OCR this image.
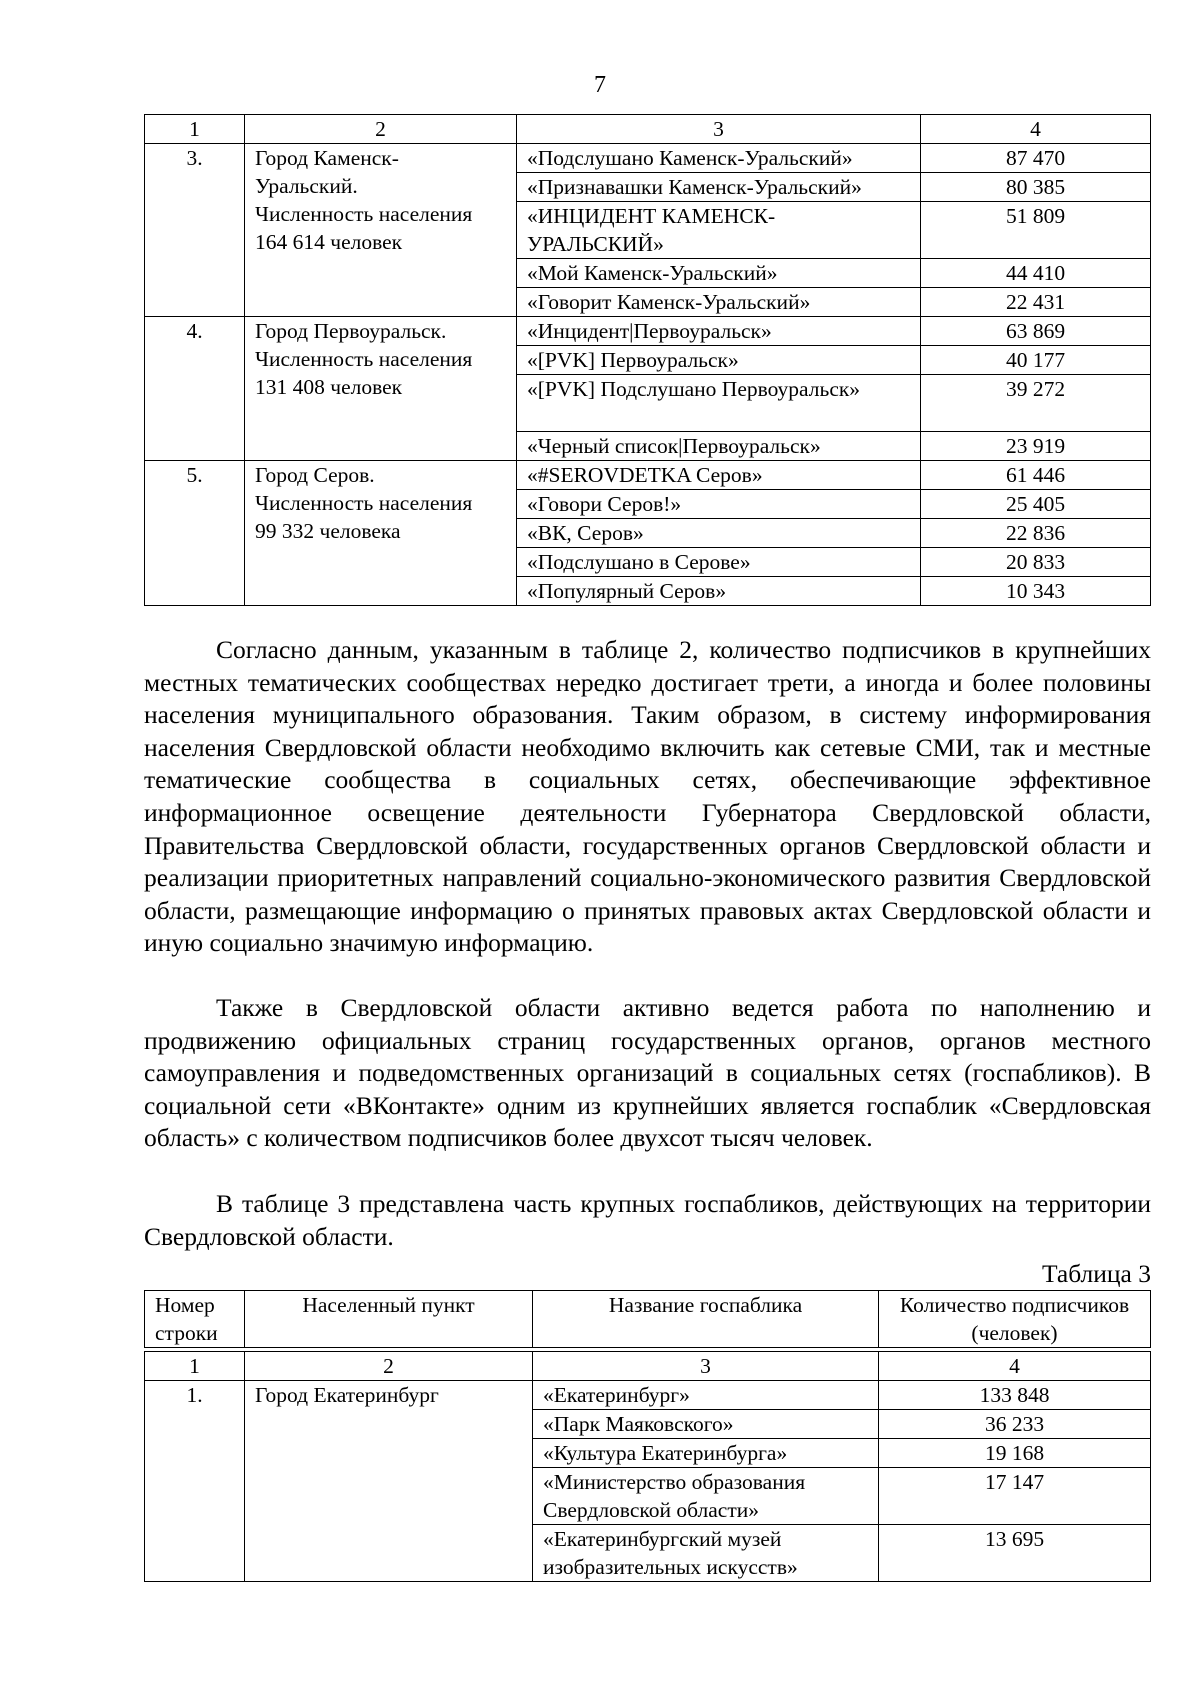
7
1	2	3	4
3.	Город Каменск-
Уральский.
Численность населения
164 614 человек	«Подслушано Каменск-Уральский»	87 470
		«Признавашки Каменск-Уральский»	80 385
		«ИНЦИДЕНТ КАМЕНСК-УРАЛЬСКИЙ»	51 809
		«Мой Каменск-Уральский»	44 410
		«Говорит Каменск-Уральский»	22 431
4.	Город Первоуральск.
Численность населения
131 408 человек	«Инцидент|Первоуральск»	63 869
		«[PVK] Первоуральск»	40 177
		«[PVK] Подслушано Первоуральск»	39 272
		«Черный список|Первоуральск»	23 919
5.	Город Серов.
Численность населения
99 332 человека	«#SEROVDETKA Серов»	61 446
		«Говори Серов!»	25 405
		«ВК, Серов»	22 836
		«Подслушано в Серове»	20 833
		«Популярный Серов»	10 343

Согласно данным, указанным в таблице 2, количество подписчиков в крупнейших местных тематических сообществах нередко достигает трети, а иногда и более половины населения муниципального образования. Таким образом, в систему информирования населения Свердловской области необходимо включить как сетевые СМИ, так и местные тематические сообщества в социальных сетях, обеспечивающие эффективное информационное освещение деятельности Губернатора Свердловской области, Правительства Свердловской области, государственных органов Свердловской области и реализации приоритетных направлений социально-экономического развития Свердловской области, размещающие информацию о принятых правовых актах Свердловской области и иную социально значимую информацию.

Также в Свердловской области активно ведется работа по наполнению и продвижению официальных страниц государственных органов, органов местного самоуправления и подведомственных организаций в социальных сетях (госпабликов). В социальной сети «ВКонтакте» одним из крупнейших является госпаблик «Свердловская область» с количеством подписчиков более двухсот тысяч человек.

В таблице 3 представлена часть крупных госпабликов, действующих на территории Свердловской области.

Таблица 3
Номер строки	Населенный пункт	Название госпаблика	Количество подписчиков (человек)
1	2	3	4
1.	Город Екатеринбург	«Екатеринбург»	133 848
		«Парк Маяковского»	36 233
		«Культура Екатеринбурга»	19 168
		«Министерство образования Свердловской области»	17 147
		«Екатеринбургский музей изобразительных искусств»	13 695
